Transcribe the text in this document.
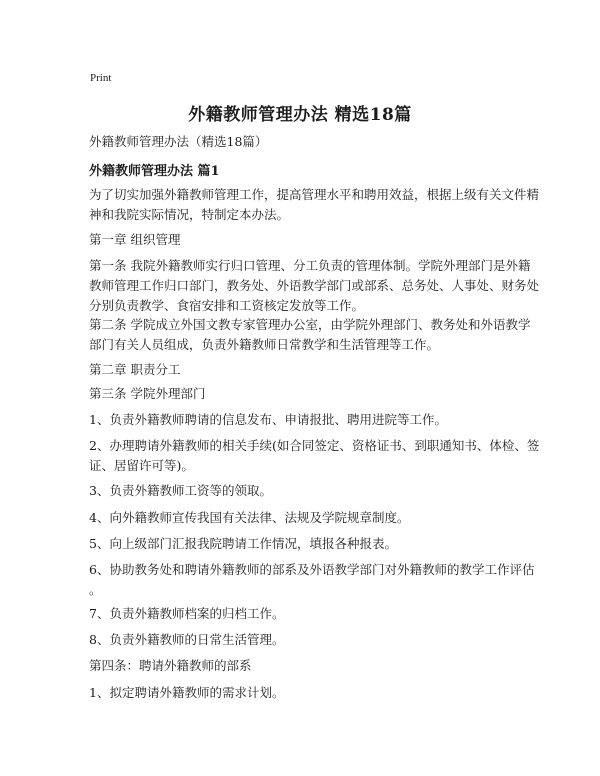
Print
外籍教师管理办法 精选18篇
外籍教师管理办法（精选18篇）
外籍教师管理办法 篇1
为了切实加强外籍教师管理工作，提高管理水平和聘用效益，根据上级有关文件精
神和我院实际情况，特制定本办法。
第一章 组织管理
第一条 我院外籍教师实行归口管理、分工负责的管理体制。学院外理部门是外籍
教师管理工作归口部门，教务处、外语教学部门或部系、总务处、人事处、财务处
分别负责教学、食宿安排和工资核定发放等工作。
第二条 学院成立外国文教专家管理办公室，由学院外理部门、教务处和外语教学
部门有关人员组成，负责外籍教师日常教学和生活管理等工作。
第二章 职责分工
第三条 学院外理部门
1、负责外籍教师聘请的信息发布、申请报批、聘用进院等工作。
2、办理聘请外籍教师的相关手续(如合同签定、资格证书、到职通知书、体检、签
证、居留许可等)。
3、负责外籍教师工资等的领取。
4、向外籍教师宣传我国有关法律、法规及学院规章制度。
5、向上级部门汇报我院聘请工作情况，填报各种报表。
6、协助教务处和聘请外籍教师的部系及外语教学部门对外籍教师的教学工作评估
。
7、负责外籍教师档案的归档工作。
8、负责外籍教师的日常生活管理。
第四条：聘请外籍教师的部系
1、拟定聘请外籍教师的需求计划。
